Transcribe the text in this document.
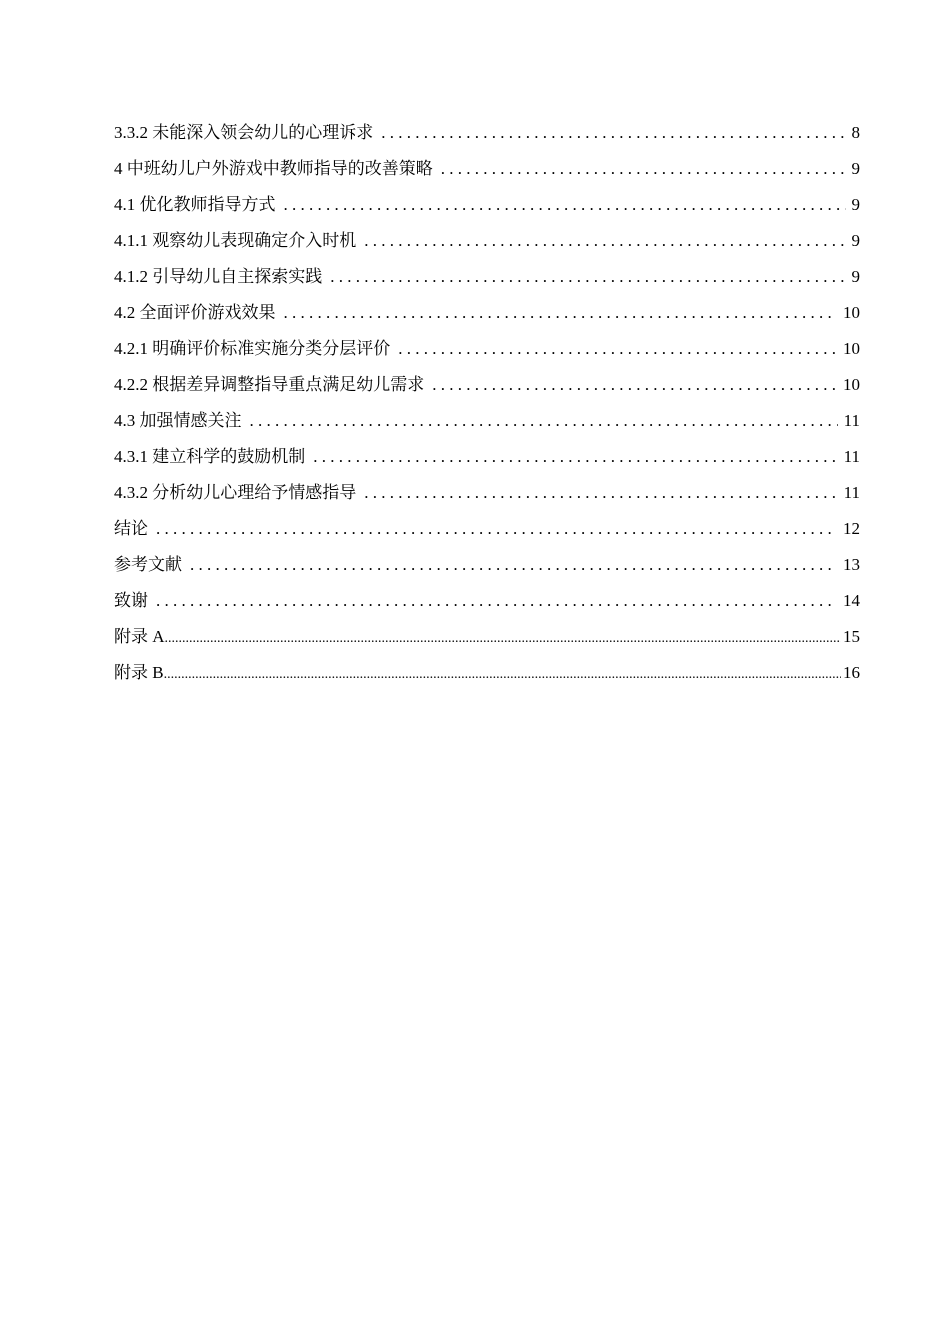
3.3.2 未能深入领会幼儿的心理诉求 . . .	8
4 中班幼儿户外游戏中教师指导的改善策略 . . .	9
4.1 优化教师指导方式 . . .	9
4.1.1 观察幼儿表现确定介入时机 . . .	9
4.1.2 引导幼儿自主探索实践 . . .	9
4.2 全面评价游戏效果 . . .	10
4.2.1 明确评价标准实施分类分层评价 . . .	10
4.2.2 根据差异调整指导重点满足幼儿需求 . . .	10
4.3 加强情感关注 . . .	11
4.3.1 建立科学的鼓励机制 . . .	11
4.3.2 分析幼儿心理给予情感指导 . . .	11
结论 . . .	12
参考文献 . . .	13
致谢 . . .	14
附录 A .....	15
附录 B .....	16
